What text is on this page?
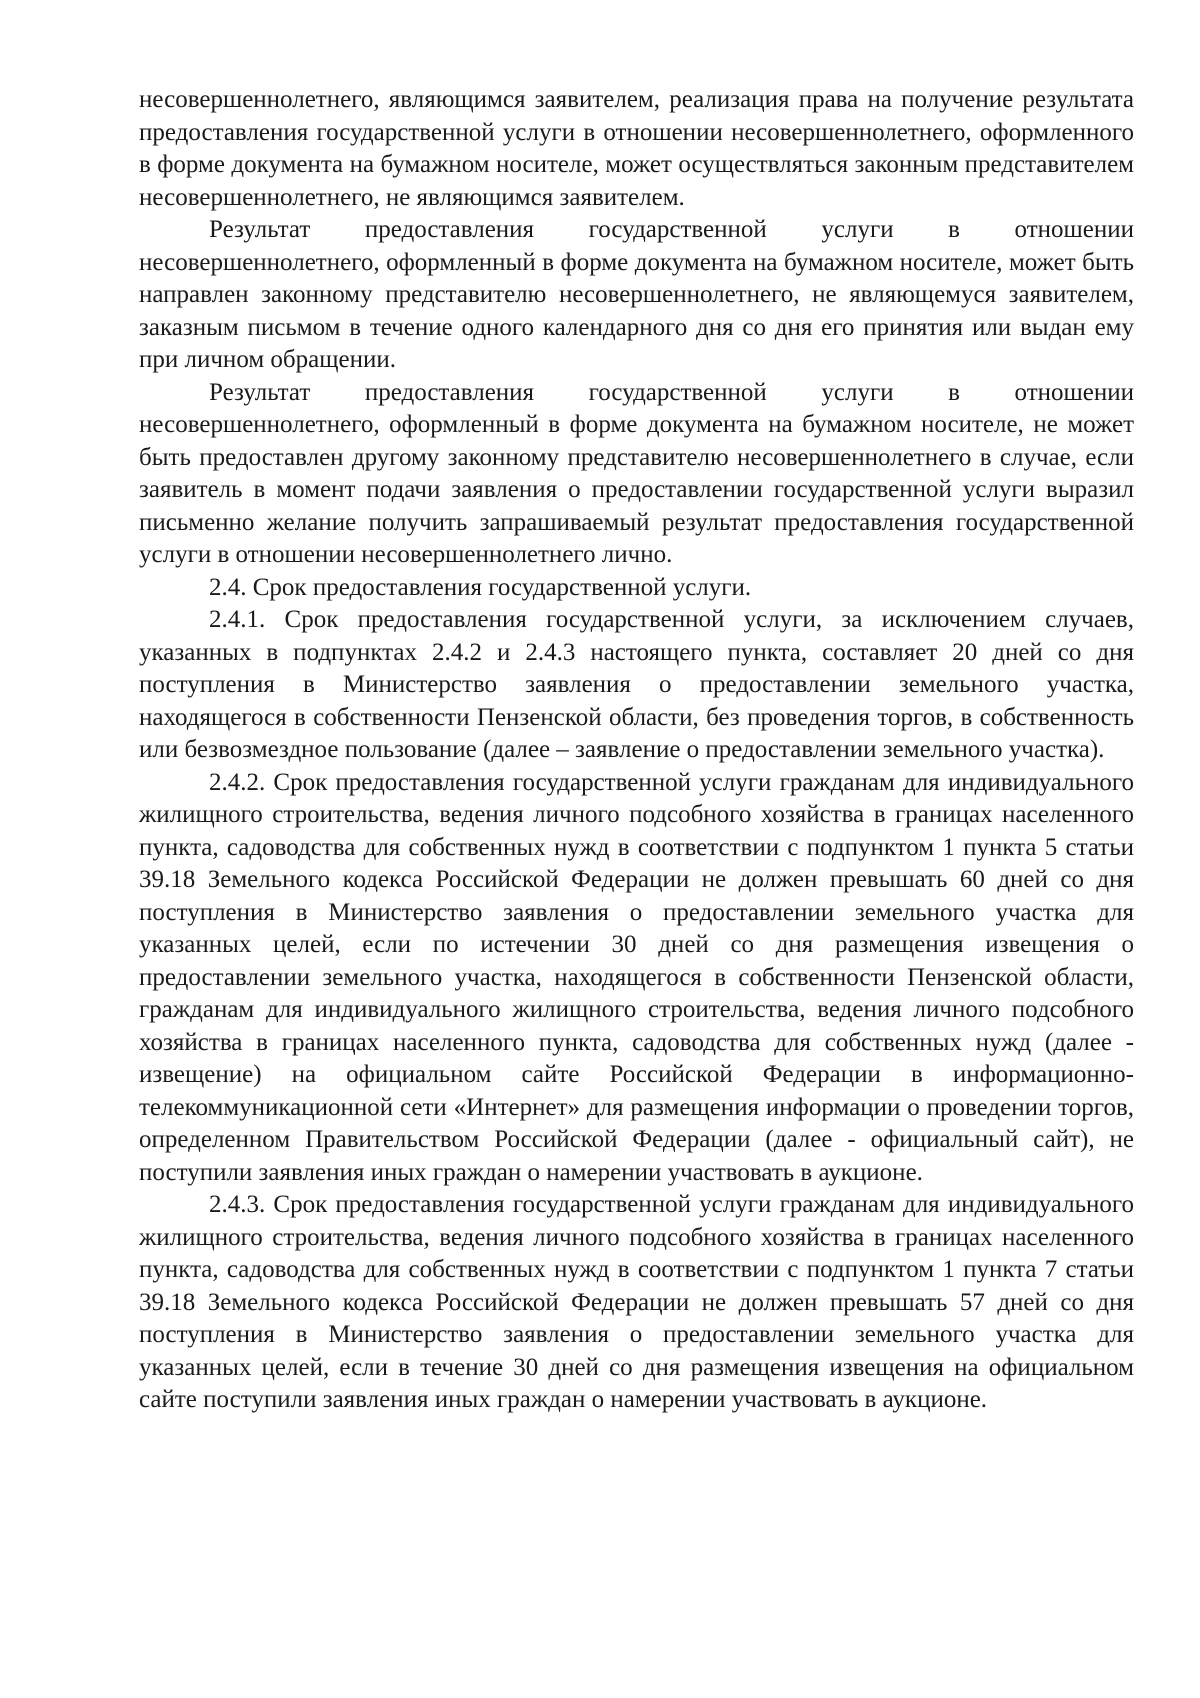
несовершеннолетнего, являющимся заявителем, реализация права на получение результата предоставления государственной услуги в отношении несовершеннолетнего, оформленного в форме документа на бумажном носителе, может осуществляться законным представителем несовершеннолетнего, не являющимся заявителем.

Результат предоставления государственной услуги в отношении несовершеннолетнего, оформленный в форме документа на бумажном носителе, может быть направлен законному представителю несовершеннолетнего, не являющемуся заявителем, заказным письмом в течение одного календарного дня со дня его принятия или выдан ему при личном обращении.

Результат предоставления государственной услуги в отношении несовершеннолетнего, оформленный в форме документа на бумажном носителе, не может быть предоставлен другому законному представителю несовершеннолетнего в случае, если заявитель в момент подачи заявления о предоставлении государственной услуги выразил письменно желание получить запрашиваемый результат предоставления государственной услуги в отношении несовершеннолетнего лично.

2.4. Срок предоставления государственной услуги.

2.4.1. Срок предоставления государственной услуги, за исключением случаев, указанных в подпунктах 2.4.2 и 2.4.3 настоящего пункта, составляет 20 дней со дня поступления в Министерство заявления о предоставлении земельного участка, находящегося в собственности Пензенской области, без проведения торгов, в собственность или безвозмездное пользование (далее – заявление о предоставлении земельного участка).

2.4.2. Срок предоставления государственной услуги гражданам для индивидуального жилищного строительства, ведения личного подсобного хозяйства в границах населенного пункта, садоводства для собственных нужд в соответствии с подпунктом 1 пункта 5 статьи 39.18 Земельного кодекса Российской Федерации не должен превышать 60 дней со дня поступления в Министерство заявления о предоставлении земельного участка для указанных целей, если по истечении 30 дней со дня размещения извещения о предоставлении земельного участка, находящегося в собственности Пензенской области, гражданам для индивидуального жилищного строительства, ведения личного подсобного хозяйства в границах населенного пункта, садоводства для собственных нужд (далее - извещение) на официальном сайте Российской Федерации в информационно-телекоммуникационной сети «Интернет» для размещения информации о проведении торгов, определенном Правительством Российской Федерации (далее - официальный сайт), не поступили заявления иных граждан о намерении участвовать в аукционе.

2.4.3. Срок предоставления государственной услуги гражданам для индивидуального жилищного строительства, ведения личного подсобного хозяйства в границах населенного пункта, садоводства для собственных нужд в соответствии с подпунктом 1 пункта 7 статьи 39.18 Земельного кодекса Российской Федерации не должен превышать 57 дней со дня поступления в Министерство заявления о предоставлении земельного участка для указанных целей, если в течение 30 дней со дня размещения извещения на официальном сайте поступили заявления иных граждан о намерении участвовать в аукционе.
